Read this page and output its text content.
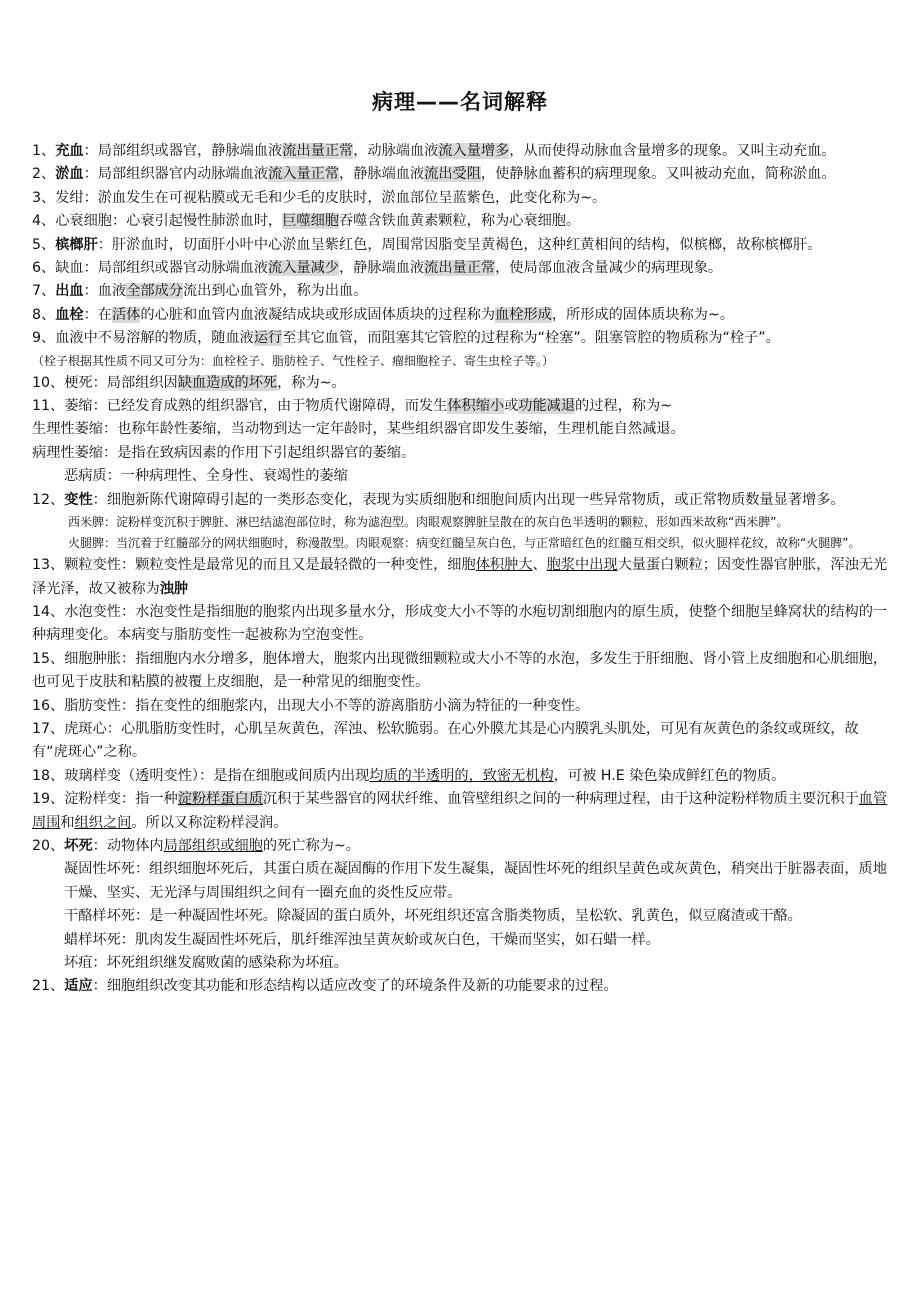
病理——名词解释

1、充血：局部组织或器官，静脉端血液流出量正常，动脉端血液流入量增多，从而使得动脉血含量增多的现象。又叫主动充血。

2、淤血：局部组织器官内动脉端血液流入量正常，静脉端血液流出受阻，使静脉血蓄积的病理现象。又叫被动充血，简称淤血。

3、发绀：淤血发生在可视粘膜或无毛和少毛的皮肤时，淤血部位呈蓝紫色，此变化称为~。

4、心衰细胞：心衰引起慢性肺淤血时，巨噬细胞吞噬含铁血黄素颗粒，称为心衰细胞。

5、槟榔肝：肝淤血时，切面肝小叶中心淤血呈紫红色，周围常因脂变呈黄褐色，这种红黄相间的结构，似槟榔，故称槟榔肝。

6、缺血：局部组织或器官动脉端血液流入量减少，静脉端血液流出量正常，使局部血液含量减少的病理现象。

7、出血：血液全部成分流出到心血管外，称为出血。

8、血栓：在活体的心脏和血管内血液凝结成块或形成固体质块的过程称为血栓形成，所形成的固体质块称为~。

9、血液中不易溶解的物质，随血液运行至其它血管，而阻塞其它管腔的过程称为“栓塞”。阻塞管腔的物质称为“栓子”。

（栓子根据其性质不同又可分为：血栓栓子、脂肪栓子、气性栓子、瘤细胞栓子、寄生虫栓子等。）

10、梗死：局部组织因缺血造成的坏死，称为~。

11、萎缩：已经发育成熟的组织器官，由于物质代谢障碍，而发生体积缩小或功能减退的过程，称为~

生理性萎缩：也称年龄性萎缩，当动物到达一定年龄时，某些组织器官即发生萎缩，生理机能自然减退。

病理性萎缩：是指在致病因素的作用下引起组织器官的萎缩。

恶病质：一种病理性、全身性、衰竭性的萎缩

12、变性：细胞新陈代谢障碍引起的一类形态变化，表现为实质细胞和细胞间质内出现一些异常物质，或正常物质数量显著增多。

西米脾：淀粉样变沉积于脾脏、淋巴结滤泡部位时，称为滤泡型。肉眼观察脾脏呈散在的灰白色半透明的颗粒，形如西米故称“西米脾”。

火腿脾：当沉着于红髓部分的网状细胞时，称漫散型。肉眼观察：病变红髓呈灰白色，与正常暗红色的红髓互相交织，似火腿样花纹，故称“火腿脾”。

13、颗粒变性：颗粒变性是最常见的而且又是最轻微的一种变性，细胞体积肿大、胞浆中出现大量蛋白颗粒；因变性器官肿胀，浑浊无光泽光泽，故又被称为浊肿

14、水泡变性：水泡变性是指细胞的胞浆内出现多量水分，形成变大小不等的水疱切割细胞内的原生质，使整个细胞呈蜂窝状的结构的一种病理变化。本病变与脂肪变性一起被称为空泡变性。

15、细胞肿胀：指细胞内水分增多，胞体增大，胞浆内出现微细颗粒或大小不等的水泡，多发生于肝细胞、肾小管上皮细胞和心肌细胞，也可见于皮肤和粘膜的被覆上皮细胞，是一种常见的细胞变性。

16、脂肪变性：指在变性的细胞浆内，出现大小不等的游离脂肪小滴为特征的一种变性。

17、虎斑心：心肌脂肪变性时，心肌呈灰黄色，浑浊、松软脆弱。在心外膜尤其是心内膜乳头肌处，可见有灰黄色的条纹或斑纹，故有“虎斑心”之称。

18、玻璃样变（透明变性）：是指在细胞或间质内出现均质的半透明的，致密无机构，可被 H.E 染色染成鲜红色的物质。

19、淀粉样变：指一种淀粉样蛋白质沉积于某些器官的网状纤维、血管壁组织之间的一种病理过程，由于这种淀粉样物质主要沉积于血管周围和组织之间。所以又称淀粉样浸润。

20、坏死：动物体内局部组织或细胞的死亡称为~。

凝固性坏死：组织细胞坏死后，其蛋白质在凝固酶的作用下发生凝集，凝固性坏死的组织呈黄色或灰黄色，稍突出于脏器表面，质地干燥、坚实、无光泽与周围组织之间有一圈充血的炎性反应带。

干酪样坏死：是一种凝固性坏死。除凝固的蛋白质外，坏死组织还富含脂类物质，呈松软、乳黄色，似豆腐渣或干酪。

蜡样坏死：肌肉发生凝固性坏死后，肌纤维浑浊呈黄灰蚧或灰白色，干燥而坚实，如石蜡一样。

坏疽：坏死组织继发腐败菌的感染称为坏疽。

21、适应：细胞组织改变其功能和形态结构以适应改变了的环境条件及新的功能要求的过程。
